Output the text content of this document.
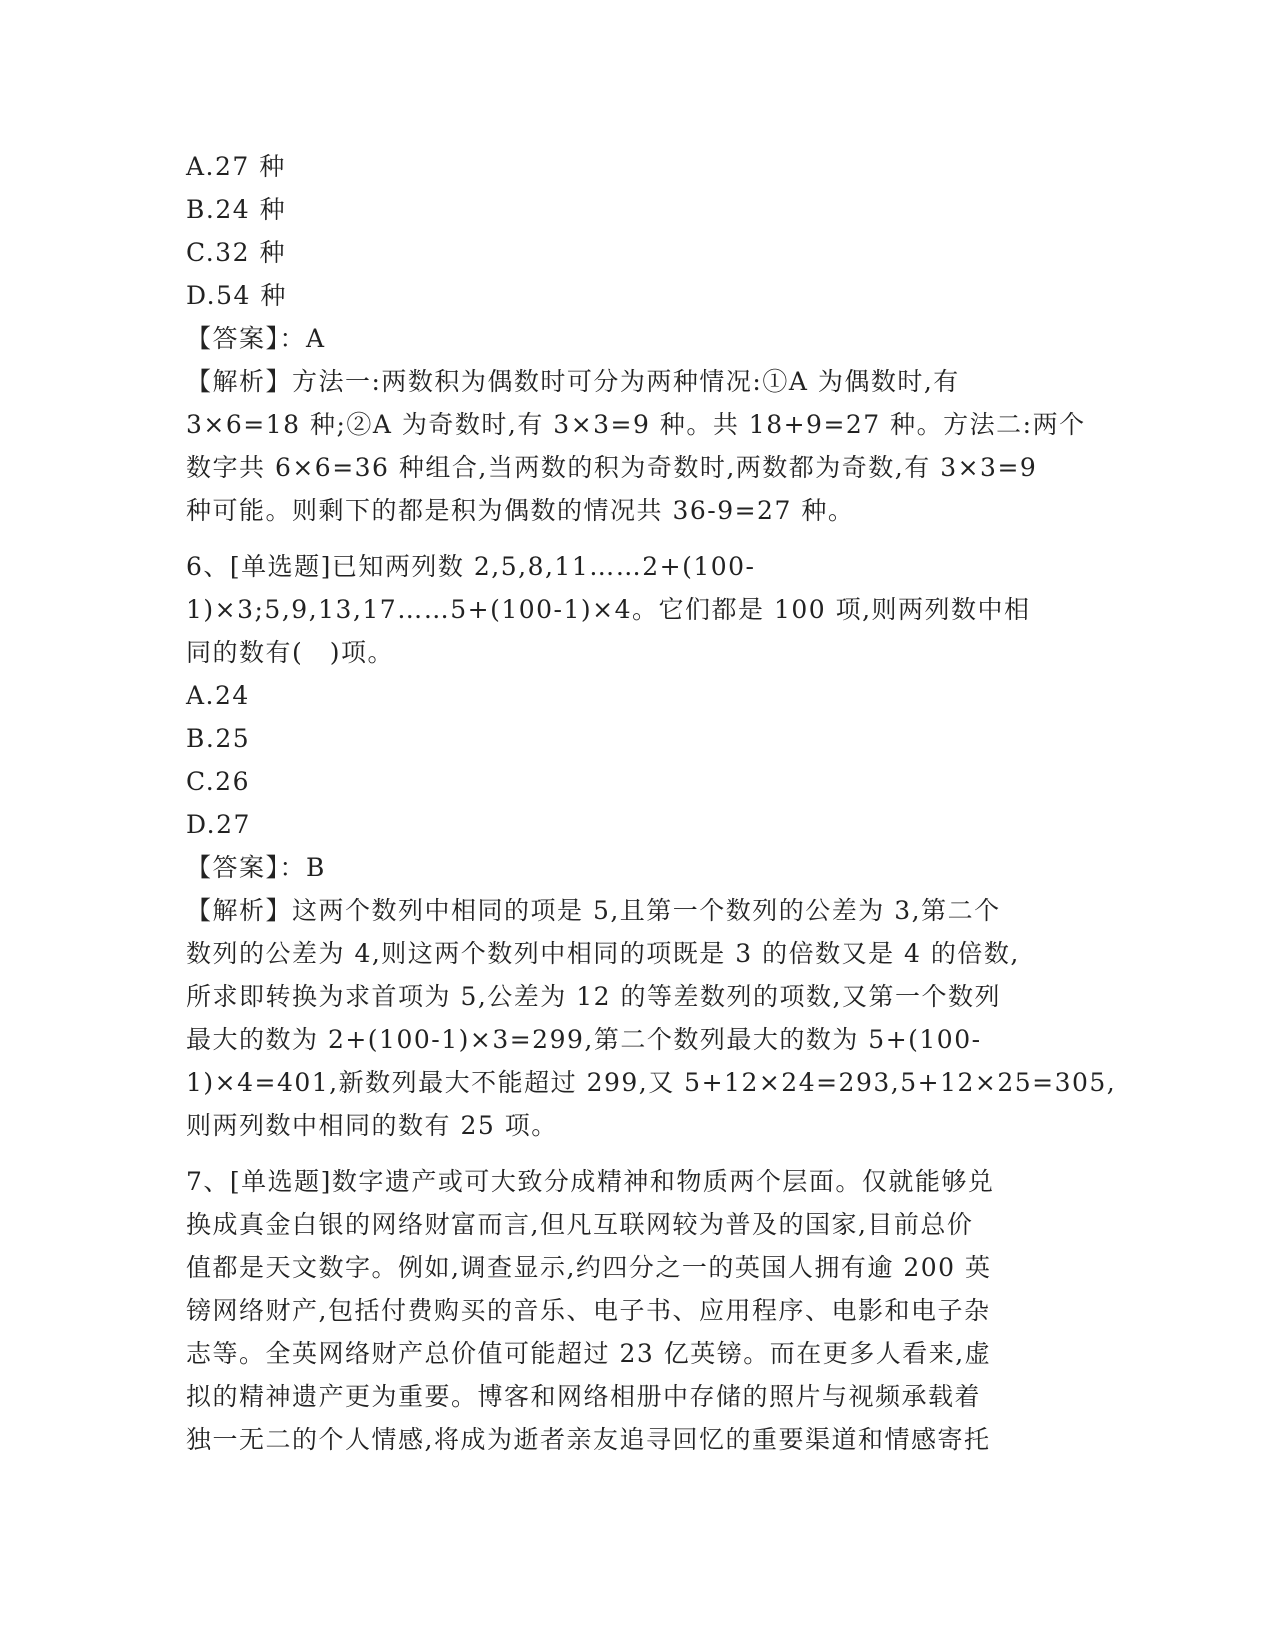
A.27 种
B.24 种
C.32 种
D.54 种
【答案】：A
【解析】方法一:两数积为偶数时可分为两种情况:①A 为偶数时,有
3×6=18 种;②A 为奇数时,有 3×3=9 种。共 18+9=27 种。方法二:两个
数字共 6×6=36 种组合,当两数的积为奇数时,两数都为奇数,有 3×3=9
种可能。则剩下的都是积为偶数的情况共 36-9=27 种。
6、[单选题]已知两列数 2,5,8,11……2+(100-
1)×3;5,9,13,17……5+(100-1)×4。它们都是 100 项,则两列数中相
同的数有(　)项。
A.24
B.25
C.26
D.27
【答案】：B
【解析】这两个数列中相同的项是 5,且第一个数列的公差为 3,第二个
数列的公差为 4,则这两个数列中相同的项既是 3 的倍数又是 4 的倍数,
所求即转换为求首项为 5,公差为 12 的等差数列的项数,又第一个数列
最大的数为 2+(100-1)×3=299,第二个数列最大的数为 5+(100-
1)×4=401,新数列最大不能超过 299,又 5+12×24=293,5+12×25=305,
则两列数中相同的数有 25 项。
7、[单选题]数字遗产或可大致分成精神和物质两个层面。仅就能够兑
换成真金白银的网络财富而言,但凡互联网较为普及的国家,目前总价
值都是天文数字。例如,调查显示,约四分之一的英国人拥有逾 200 英
镑网络财产,包括付费购买的音乐、电子书、应用程序、电影和电子杂
志等。全英网络财产总价值可能超过 23 亿英镑。而在更多人看来,虚
拟的精神遗产更为重要。博客和网络相册中存储的照片与视频承载着
独一无二的个人情感,将成为逝者亲友追寻回忆的重要渠道和情感寄托
